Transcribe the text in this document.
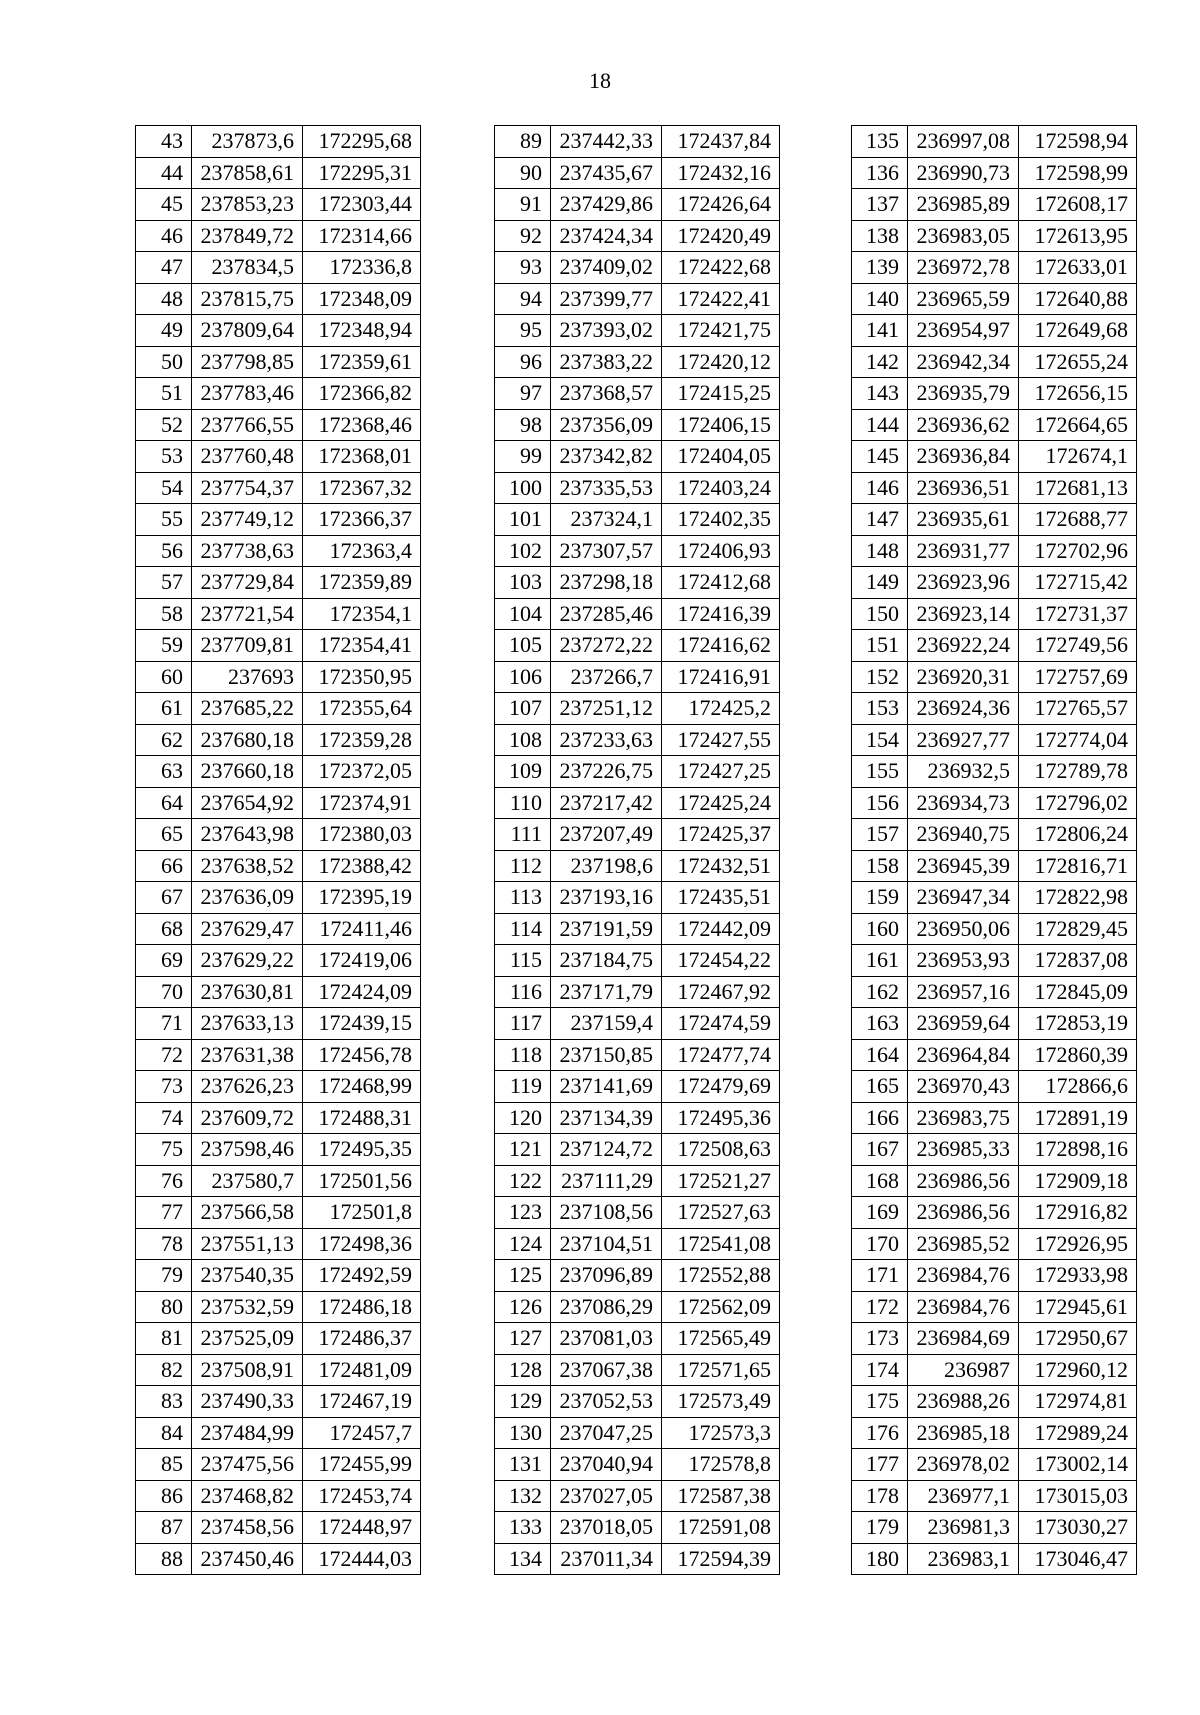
18
43	237873,6	172295,68
44	237858,61	172295,31
45	237853,23	172303,44
46	237849,72	172314,66
47	237834,5	172336,8
48	237815,75	172348,09
49	237809,64	172348,94
50	237798,85	172359,61
51	237783,46	172366,82
52	237766,55	172368,46
53	237760,48	172368,01
54	237754,37	172367,32
55	237749,12	172366,37
56	237738,63	172363,4
57	237729,84	172359,89
58	237721,54	172354,1
59	237709,81	172354,41
60	237693	172350,95
61	237685,22	172355,64
62	237680,18	172359,28
63	237660,18	172372,05
64	237654,92	172374,91
65	237643,98	172380,03
66	237638,52	172388,42
67	237636,09	172395,19
68	237629,47	172411,46
69	237629,22	172419,06
70	237630,81	172424,09
71	237633,13	172439,15
72	237631,38	172456,78
73	237626,23	172468,99
74	237609,72	172488,31
75	237598,46	172495,35
76	237580,7	172501,56
77	237566,58	172501,8
78	237551,13	172498,36
79	237540,35	172492,59
80	237532,59	172486,18
81	237525,09	172486,37
82	237508,91	172481,09
83	237490,33	172467,19
84	237484,99	172457,7
85	237475,56	172455,99
86	237468,82	172453,74
87	237458,56	172448,97
88	237450,46	172444,03
89	237442,33	172437,84
90	237435,67	172432,16
91	237429,86	172426,64
92	237424,34	172420,49
93	237409,02	172422,68
94	237399,77	172422,41
95	237393,02	172421,75
96	237383,22	172420,12
97	237368,57	172415,25
98	237356,09	172406,15
99	237342,82	172404,05
100	237335,53	172403,24
101	237324,1	172402,35
102	237307,57	172406,93
103	237298,18	172412,68
104	237285,46	172416,39
105	237272,22	172416,62
106	237266,7	172416,91
107	237251,12	172425,2
108	237233,63	172427,55
109	237226,75	172427,25
110	237217,42	172425,24
111	237207,49	172425,37
112	237198,6	172432,51
113	237193,16	172435,51
114	237191,59	172442,09
115	237184,75	172454,22
116	237171,79	172467,92
117	237159,4	172474,59
118	237150,85	172477,74
119	237141,69	172479,69
120	237134,39	172495,36
121	237124,72	172508,63
122	237111,29	172521,27
123	237108,56	172527,63
124	237104,51	172541,08
125	237096,89	172552,88
126	237086,29	172562,09
127	237081,03	172565,49
128	237067,38	172571,65
129	237052,53	172573,49
130	237047,25	172573,3
131	237040,94	172578,8
132	237027,05	172587,38
133	237018,05	172591,08
134	237011,34	172594,39
135	236997,08	172598,94
136	236990,73	172598,99
137	236985,89	172608,17
138	236983,05	172613,95
139	236972,78	172633,01
140	236965,59	172640,88
141	236954,97	172649,68
142	236942,34	172655,24
143	236935,79	172656,15
144	236936,62	172664,65
145	236936,84	172674,1
146	236936,51	172681,13
147	236935,61	172688,77
148	236931,77	172702,96
149	236923,96	172715,42
150	236923,14	172731,37
151	236922,24	172749,56
152	236920,31	172757,69
153	236924,36	172765,57
154	236927,77	172774,04
155	236932,5	172789,78
156	236934,73	172796,02
157	236940,75	172806,24
158	236945,39	172816,71
159	236947,34	172822,98
160	236950,06	172829,45
161	236953,93	172837,08
162	236957,16	172845,09
163	236959,64	172853,19
164	236964,84	172860,39
165	236970,43	172866,6
166	236983,75	172891,19
167	236985,33	172898,16
168	236986,56	172909,18
169	236986,56	172916,82
170	236985,52	172926,95
171	236984,76	172933,98
172	236984,76	172945,61
173	236984,69	172950,67
174	236987	172960,12
175	236988,26	172974,81
176	236985,18	172989,24
177	236978,02	173002,14
178	236977,1	173015,03
179	236981,3	173030,27
180	236983,1	173046,47
